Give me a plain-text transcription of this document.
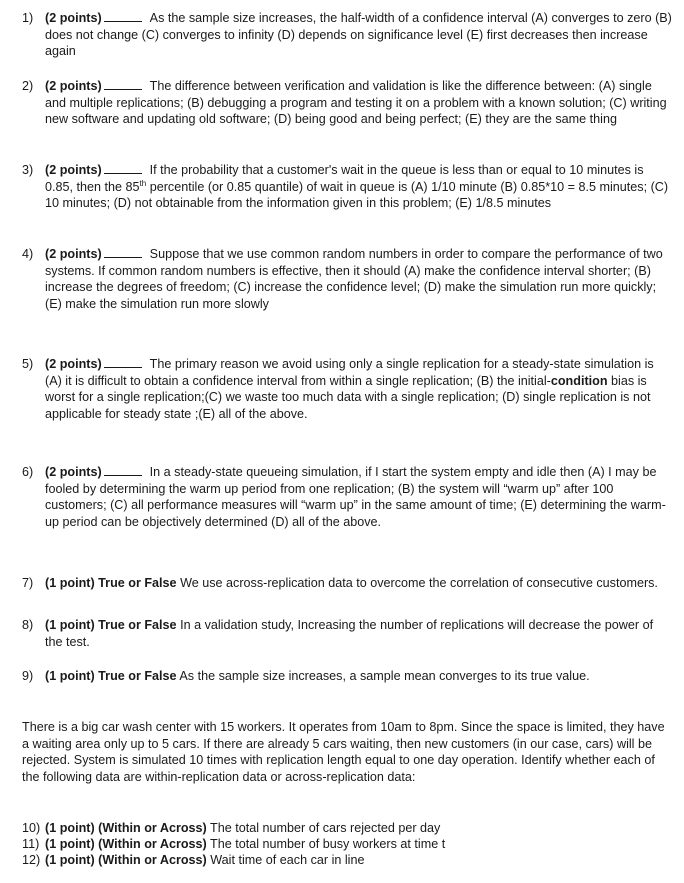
1) (2 points)	As the sample size increases, the half-width of a confidence interval (A) converges to zero (B) does not change (C) converges to infinity (D) depends on significance level (E) first decreases then increase again
2) (2 points)	The difference between verification and validation is like the difference between: (A) single and multiple replications; (B) debugging a program and testing it on a problem with a known solution; (C) writing new software and updating old software; (D) being good and being perfect; (E) they are the same thing
3) (2 points)	If the probability that a customer's wait in the queue is less than or equal to 10 minutes is 0.85, then the 85th percentile (or 0.85 quantile) of wait in queue is (A) 1/10 minute (B) 0.85*10 = 8.5 minutes; (C) 10 minutes; (D) not obtainable from the information given in this problem; (E) 1/8.5 minutes
4) (2 points)	Suppose that we use common random numbers in order to compare the performance of two systems. If common random numbers is effective, then it should (A) make the confidence interval shorter; (B) increase the degrees of freedom; (C) increase the confidence level; (D) make the simulation run more quickly; (E) make the simulation run more slowly
5) (2 points)	The primary reason we avoid using only a single replication for a steady-state simulation is (A) it is difficult to obtain a confidence interval from within a single replication; (B) the initial-condition bias is worst for a single replication;(C) we waste too much data with a single replication; (D) single replication is not applicable for steady state ;(E) all of the above.
6) (2 points)	In a steady-state queueing simulation, if I start the system empty and idle then (A) I may be fooled by determining the warm up period from one replication; (B) the system will “warm up” after 100 customers; (C) all performance measures will “warm up” in the same amount of time; (E) determining the warm-up period can be objectively determined (D) all of the above.
7) (1 point) True or False We use across-replication data to overcome the correlation of consecutive customers.
8) (1 point) True or False In a validation study, Increasing the number of replications will decrease the power of the test.
9) (1 point) True or False As the sample size increases, a sample mean converges to its true value.
There is a big car wash center with 15 workers. It operates from 10am to 8pm. Since the space is limited, they have a waiting area only up to 5 cars. If there are already 5 cars waiting, then new customers (in our case, cars) will be rejected. System is simulated 10 times with replication length equal to one day operation. Identify whether each of the following data are within-replication data or across-replication data:
10) (1 point) (Within or Across) The total number of cars rejected per day
11) (1 point) (Within or Across) The total number of busy workers at time t
12) (1 point) (Within or Across) Wait time of each car in line
